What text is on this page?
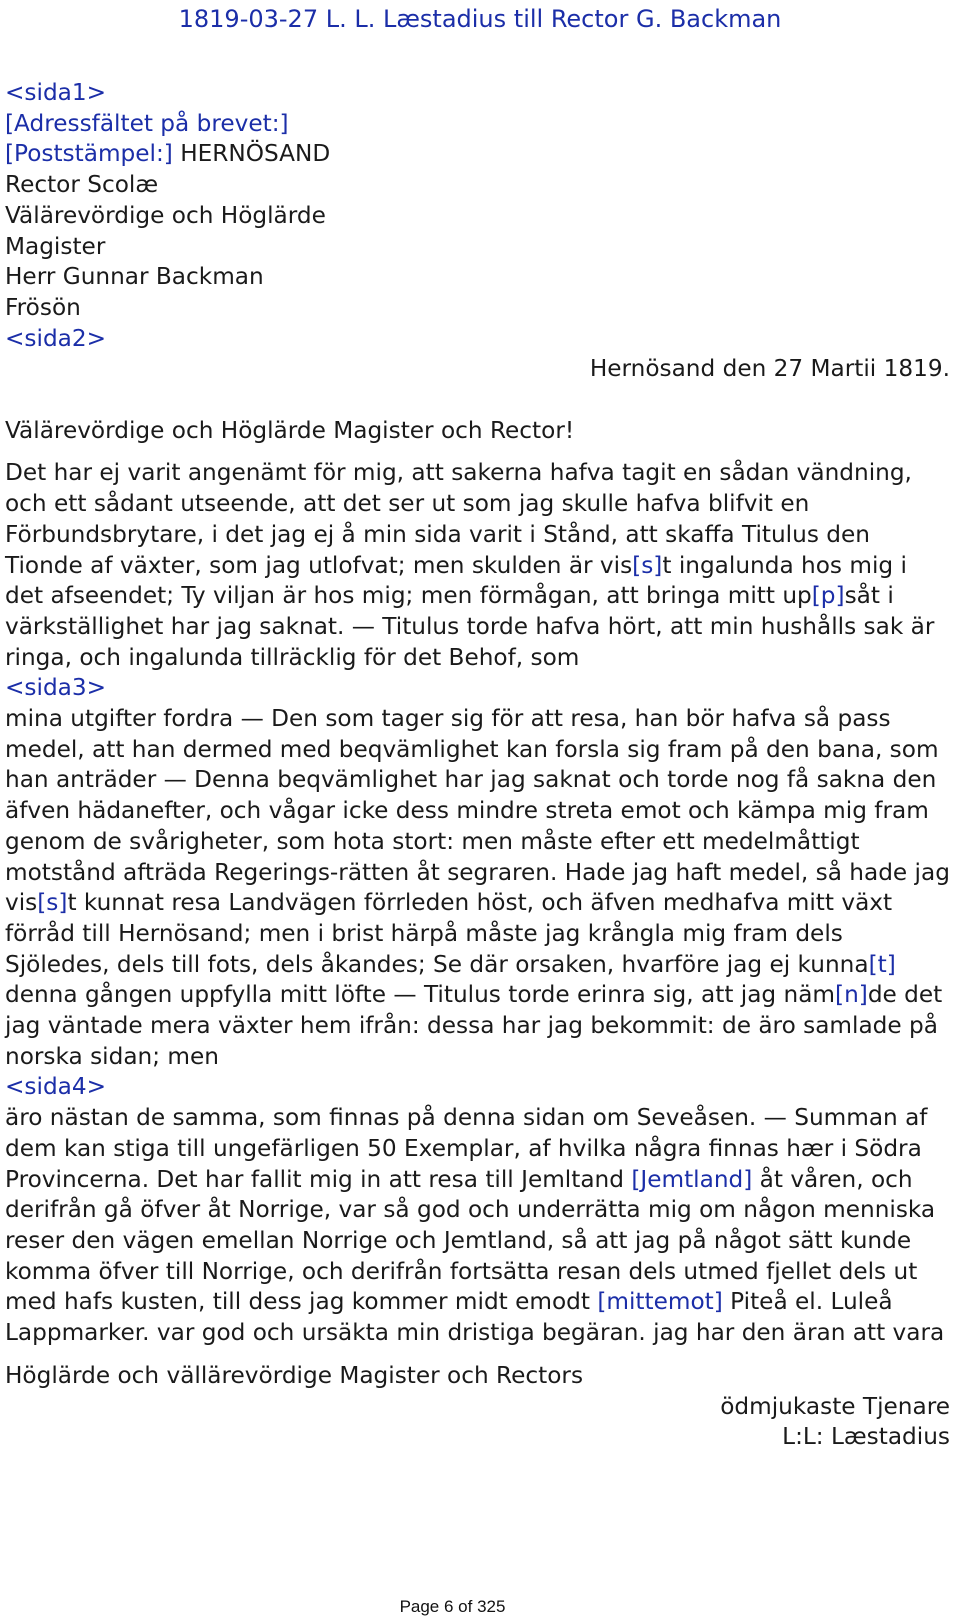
1819-03-27 L. L. Læstadius till Rector G. Backman

<sida1>

[Adressfältet på brevet:]

[Poststämpel:] HERNÖSAND

Rector Scolæ

Välärevördige och Höglärde

Magister

Herr Gunnar Backman

Frösön

<sida2>

Hernösand den 27 Martii 1819.

Välärevördige och Höglärde Magister och Rector!

Det har ej varit angenämt för mig, att sakerna hafva tagit en sådan vändning, och ett sådant utseende, att det ser ut som jag skulle hafva blifvit en Förbundsbrytare, i det jag ej å min sida varit i Stånd, att skaffa Titulus den Tionde af växter, som jag utlofvat; men skulden är vis[s]t ingalunda hos mig i det afseendet; Ty viljan är hos mig; men förmågan, att bringa mitt up[p]såt i värkställighet har jag saknat. — Titulus torde hafva hört, att min hushålls sak är ringa, och ingalunda tillräcklig för det Behof, som

<sida3>

mina utgifter fordra — Den som tager sig för att resa, han bör hafva så pass medel, att han dermed med beqvämlighet kan forsla sig fram på den bana, som han anträder — Denna beqvämlighet har jag saknat och torde nog få sakna den äfven hädanefter, och vågar icke dess mindre streta emot och kämpa mig fram genom de svårigheter, som hota stort: men måste efter ett medelmåttigt motstånd afträda Regerings-rätten åt segraren. Hade jag haft medel, så hade jag vis[s]t kunnat resa Landvägen förrleden höst, och äfven medhafva mitt växt förråd till Hernösand; men i brist härpå måste jag krångla mig fram dels Sjöledes, dels till fots, dels åkandes; Se där orsaken, hvarföre jag ej kunna[t] denna gången uppfylla mitt löfte — Titulus torde erinra sig, att jag näm[n]de det jag väntade mera växter hem ifrån: dessa har jag bekommit: de äro samlade på norska sidan; men

<sida4>

äro nästan de samma, som finnas på denna sidan om Seveåsen. — Summan af dem kan stiga till ungefärligen 50 Exemplar, af hvilka några finnas hær i Södra Provincerna. Det har fallit mig in att resa till Jemltand [Jemtland] åt våren, och derifrån gå öfver åt Norrige, var så god och underrätta mig om någon menniska reser den vägen emellan Norrige och Jemtland, så att jag på något sätt kunde komma öfver till Norrige, och derifrån fortsätta resan dels utmed fjellet dels ut med hafs kusten, till dess jag kommer midt emodt [mittemot] Piteå el. Luleå Lappmarker. var god och ursäkta min dristiga begäran. jag har den äran att vara

Höglärde och vällärevördige Magister och Rectors

ödmjukaste Tjenare

L:L: Læstadius

Page 6 of 325
